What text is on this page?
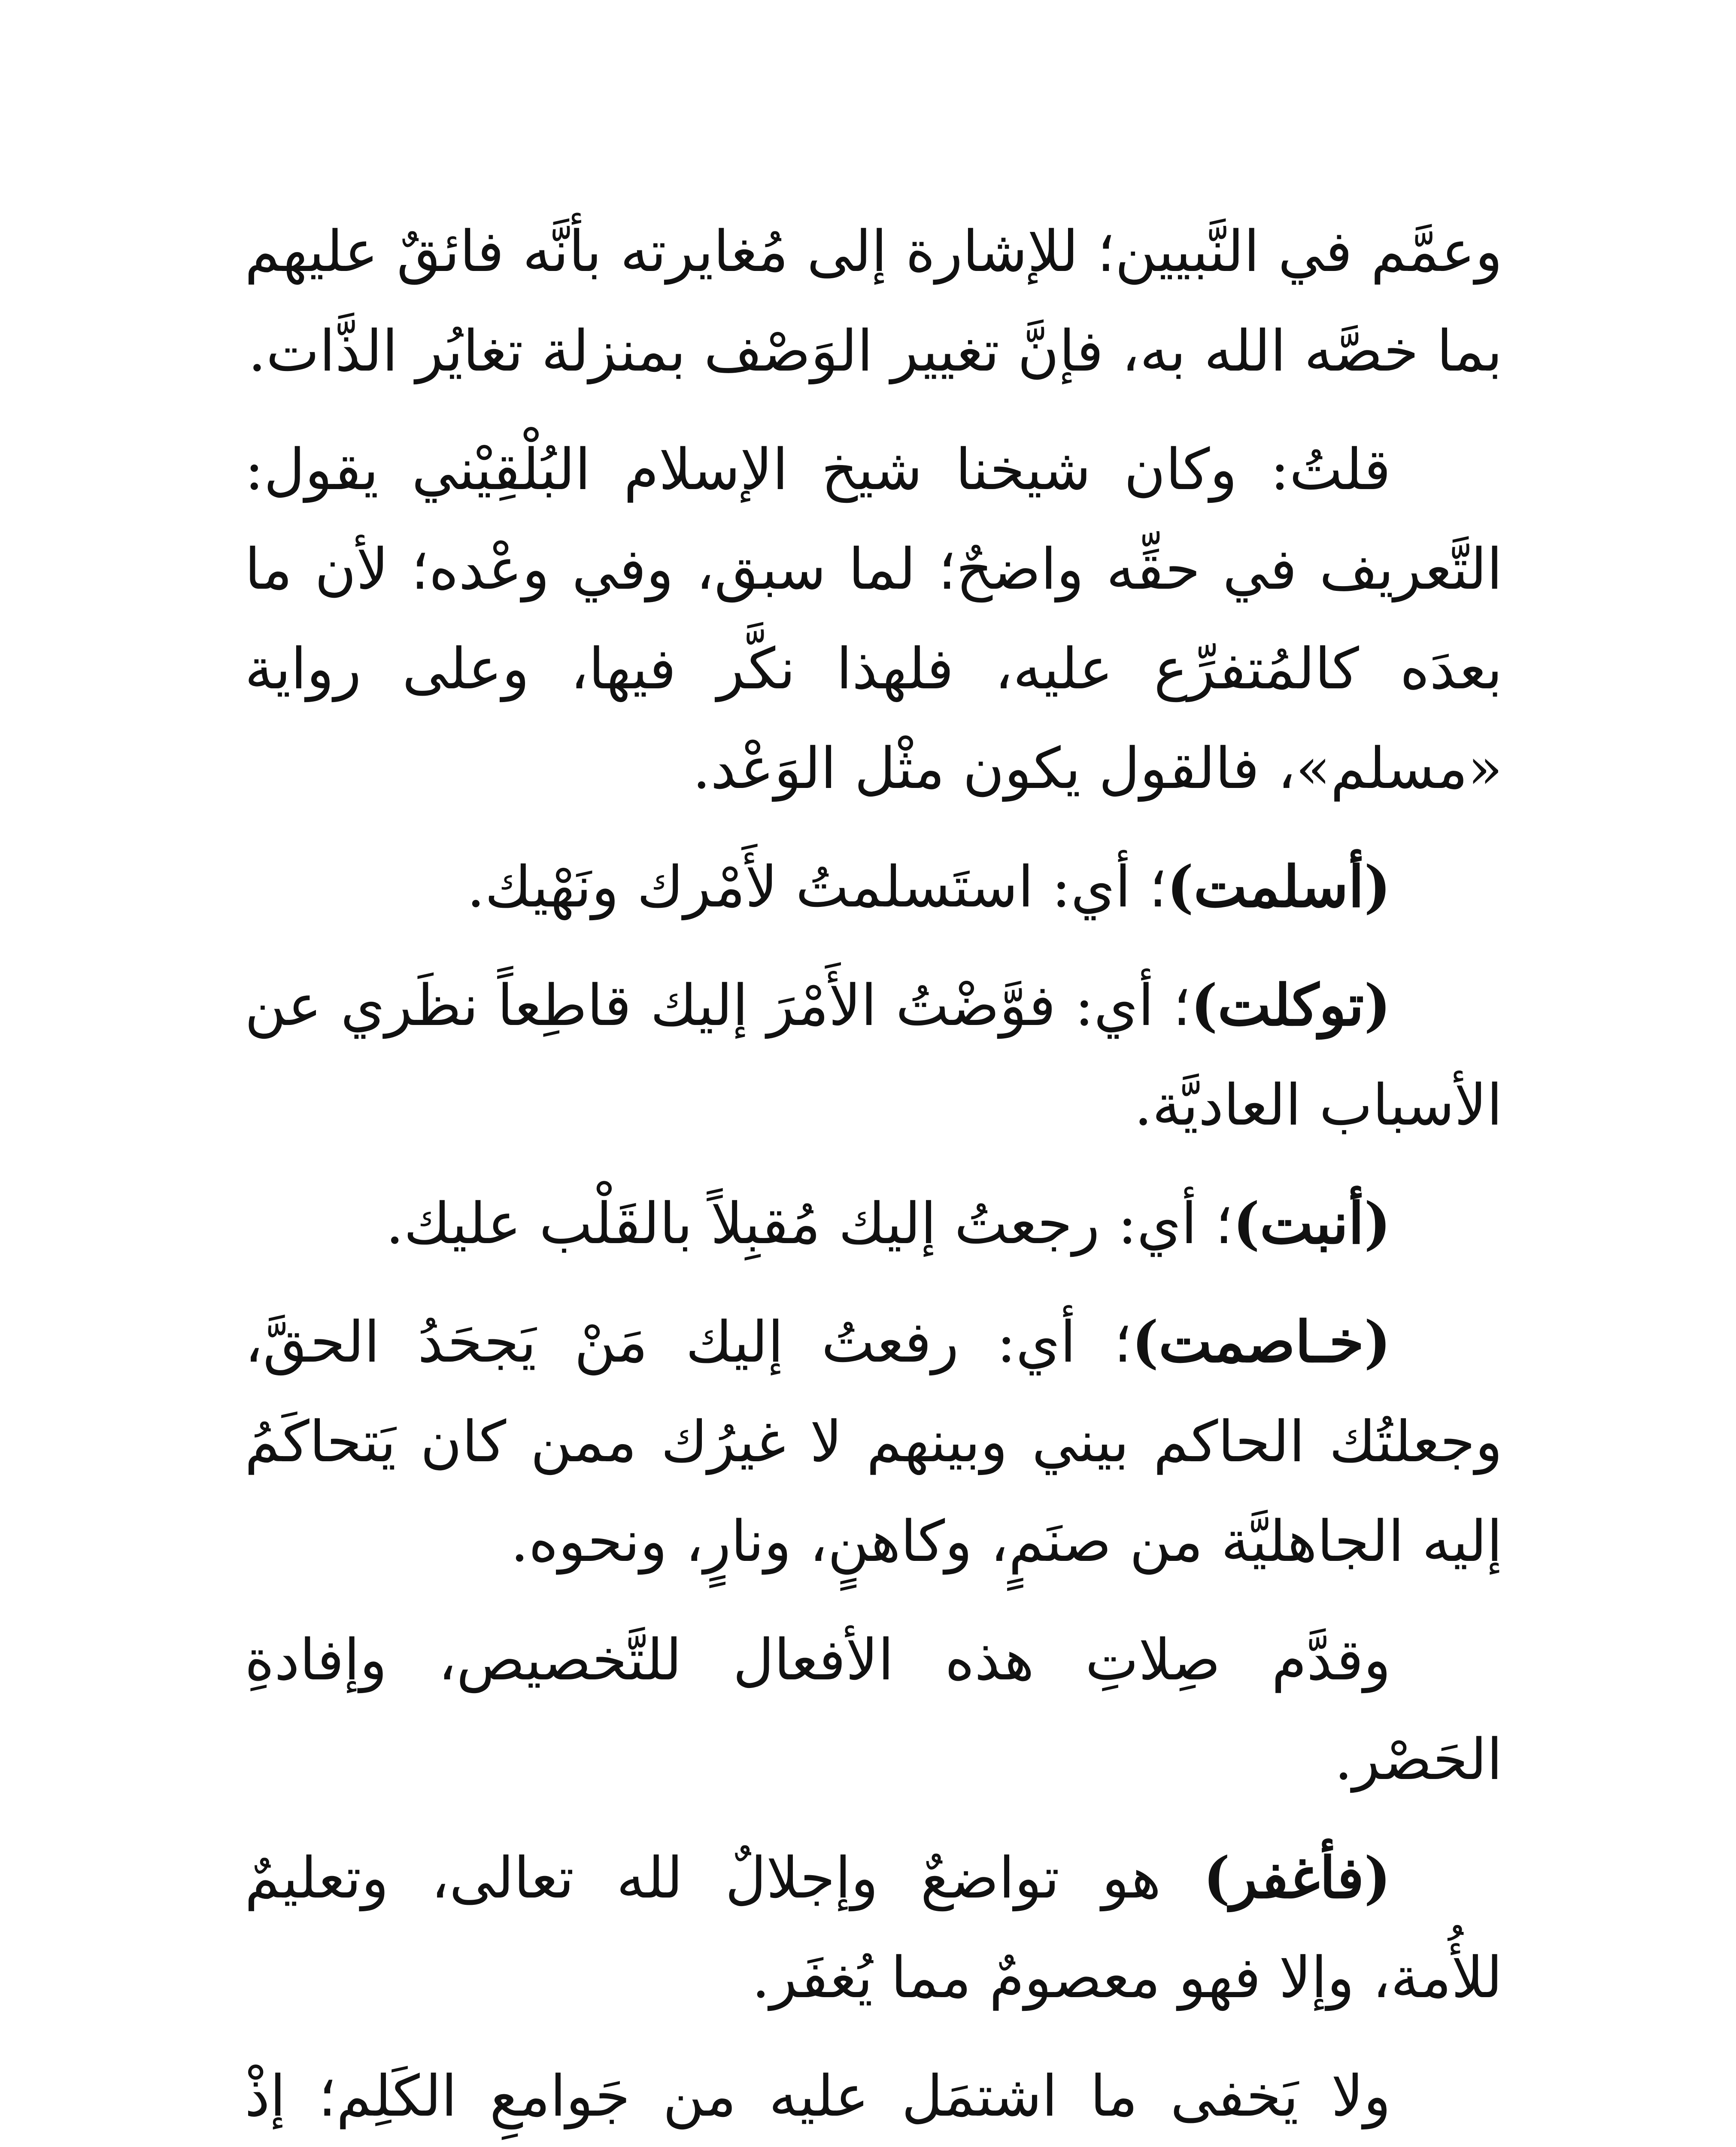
وعمَّم في النَّبيين؛ للإشارة إلى مُغايرته بأنَّه فائقٌ عليهم بما خصَّه الله به، فإنَّ تغيير الوَصْف بمنزلة تغايُر الذَّات.

قلتُ: وكان شيخنا شيخ الإسلام البُلْقِيْني يقول: التَّعريف في حقِّه واضحٌ؛ لما سبق، وفي وعْده؛ لأن ما بعدَه كالمُتفرِّع عليه، فلهذا نكَّر فيها، وعلى رواية «مسلم»، فالقول يكون مثْل الوَعْد.

(أسلمت)؛ أي: استَسلمتُ لأَمْرك ونَهْيك.

(توكلت)؛ أي: فوَّضْتُ الأَمْرَ إليك قاطِعاً نظَري عن الأسباب العاديَّة.

(أنبت)؛ أي: رجعتُ إليك مُقبِلاً بالقَلْب عليك.

(خـاصمت)؛ أي: رفعتُ إليك مَنْ يَجحَدُ الحقَّ، وجعلتُك الحاكم بيني وبينهم لا غيرُك ممن كان يَتحاكَمُ إليه الجاهليَّة من صنَمٍ، وكاهنٍ، ونارٍ، ونحوه.

وقدَّم صِلاتِ هذه الأفعال للتَّخصيص، وإفادةِ الحَصْر.

(فأغفر) هو تواضعٌ وإجلالٌ لله تعالى، وتعليمٌ للأُمة، وإلا فهو معصومٌ مما يُغفَر.

ولا يَخفى ما اشتمَل عليه من جَوامعِ الكَلِم؛ إذْ
